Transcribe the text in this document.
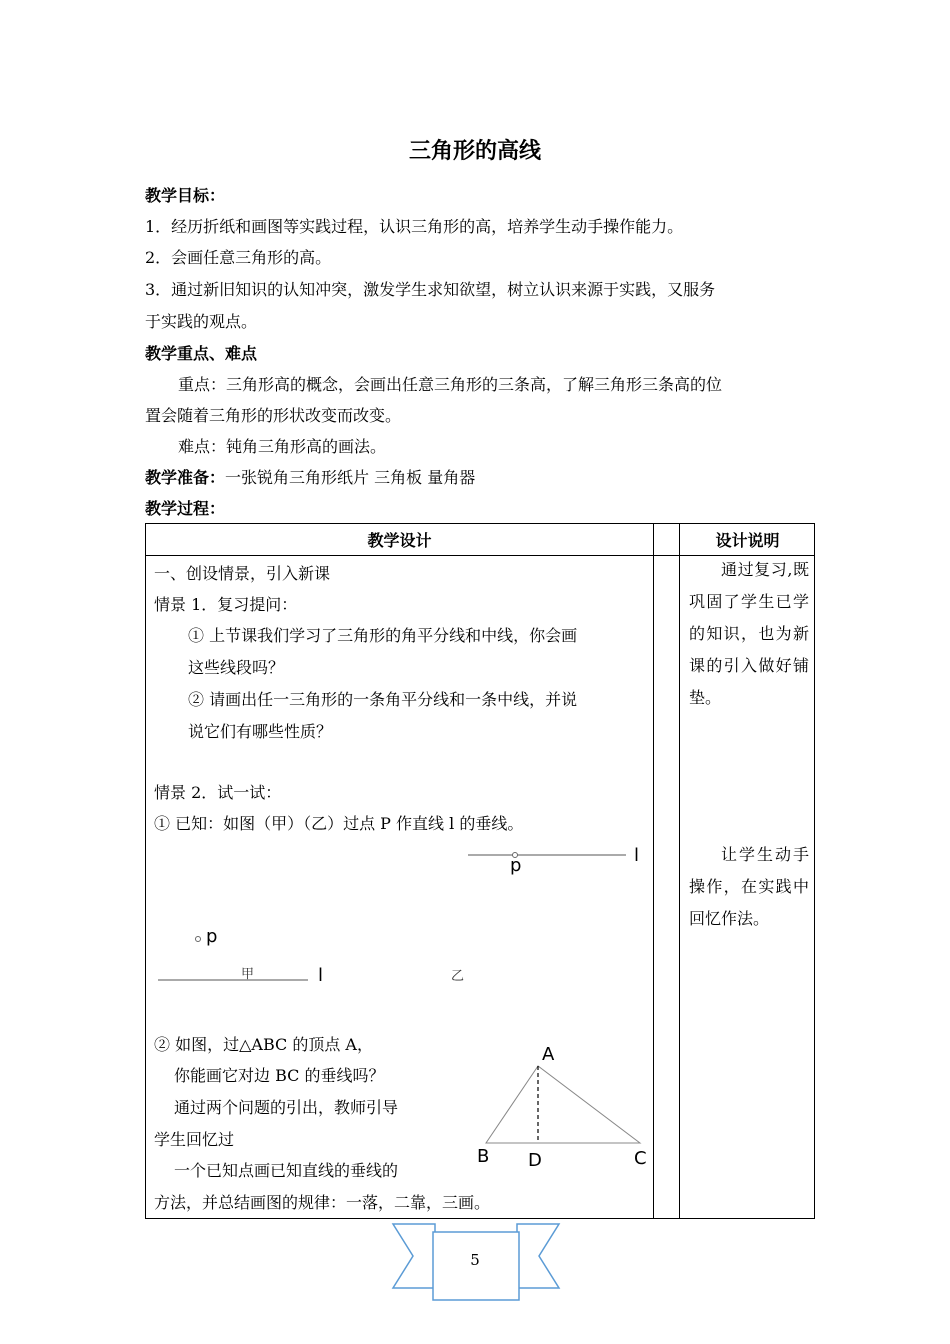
三角形的高线
教学目标：
1．经历折纸和画图等实践过程，认识三角形的高，培养学生动手操作能力。
2．会画任意三角形的高。
3．通过新旧知识的认知冲突，激发学生求知欲望，树立认识来源于实践，又服务
于实践的观点。
教学重点、难点
重点：三角形高的概念，会画出任意三角形的三条高，了解三角形三条高的位
置会随着三角形的形状改变而改变。
难点：钝角三角形高的画法。
教学准备：一张锐角三角形纸片 三角板 量角器
教学过程：
教学设计	设计说明
一、创设情景，引入新课
情景 1．复习提问：
① 上节课我们学习了三角形的角平分线和中线，你会画
这些线段吗？
② 请画出任一三角形的一条角平分线和一条中线，并说
说它们有哪些性质？
情景 2．试一试：
① 已知：如图（甲）（乙）过点 P 作直线 l 的垂线。
p	l
p
l
甲	乙
② 如图，过△ABC 的顶点 A，
你能画它对边 BC 的垂线吗？
通过两个问题的引出，教师引导
学生回忆过
一个已知点画已知直线的垂线的
方法，并总结画图的规律：一落，二靠，三画。
A
B D	C
通过复习,既巩固了学生已学的知识，也为新课的引入做好铺垫。
让学生动手操作，在实践中回忆作法。
5
